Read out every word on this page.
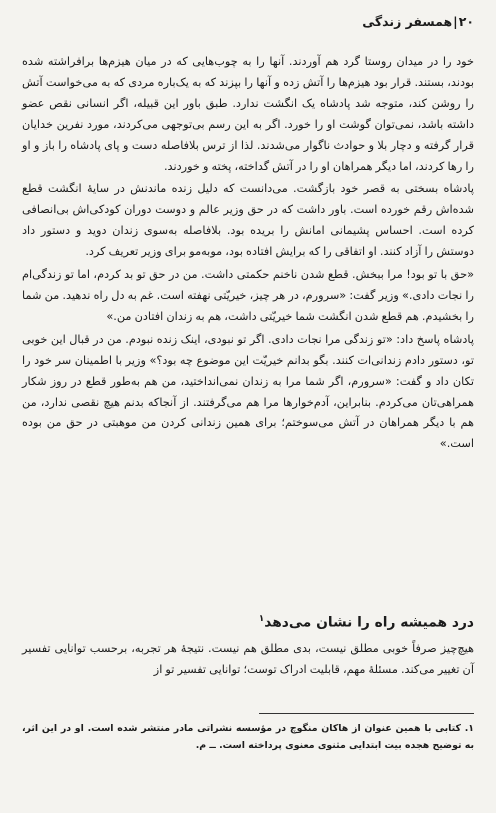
۲۰|همسفر زندگی

خود را در میدان روستا گرد هم آوردند. آنها را به چوب‌هایی که در میان هیزم‌ها برافراشته شده بودند، بستند. قرار بود هیزم‌ها را آتش زده و آنها را بپزند که به یک‌باره مردی که به می‌خواست آتش را روشن کند، متوجه شد پادشاه یک انگشت ندارد. طبق باور این قبیله، اگر انسانی نقص عضو داشته باشد، نمی‌توان گوشت او را خورد. اگر به این رسم بی‌توجهی می‌کردند، مورد نفرین خدایان قرار گرفته و دچار بلا و حوادث ناگوار می‌شدند. لذا از ترس بلافاصله دست و پای پادشاه را باز و او را رها کردند، اما دیگر همراهان او را در آتش گداخته، پخته و خوردند.

پادشاه بسختی به قصر خود بازگشت. می‌دانست که دلیل زنده ماندنش در سایهٔ انگشت قطع شده‌اش رقم خورده است. باور داشت که در حق وزیر عالم و دوست دوران کودکی‌اش بی‌انصافی کرده است. احساس پشیمانی امانش را بریده بود. بلافاصله به‌سوی زندان دوید و دستور داد دوستش را آزاد کنند. او اتفاقی را که برایش افتاده بود، موبه‌مو برای وزیر تعریف کرد.

«حق با تو بود! مرا ببخش. قطع شدن ناخنم حکمتی داشت. من در حق تو بد کردم، اما تو زندگی‌ام را نجات دادی.» وزیر گفت: «سرورم، در هر چیز، خیریّتی نهفته است. غم به دل راه ندهید. من شما را بخشیدم. هم قطع شدن انگشت شما خیریّتی داشت، هم به زندان افتادن من.»

پادشاه پاسخ داد: «تو زندگی مرا نجات دادی. اگر تو نبودی، اینک زنده نبودم. من در قبال این خوبی تو، دستور دادم زندانی‌ات کنند. بگو بدانم خیریّت این موضوع چه بود؟» وزیر با اطمینان سر خود را تکان داد و گفت: «سرورم، اگر شما مرا به زندان نمی‌انداختید، من هم به‌طور قطع در روز شکار همراهی‌تان می‌کردم. بنابراین، آدم‌خوارها مرا هم می‌گرفتند. از آنجاکه بدنم هیچ نقصی ندارد، من هم با دیگر همراهان در آتش می‌سوختم؛ برای همین زندانی کردن من موهبتی در حق من بوده است.»

درد همیشه راه را نشان می‌دهد$^۱$

هیچ‌چیز صرفاً خوبی مطلق نیست، بدی مطلق هم نیست. نتیجهٔ هر تجربه، برحسب توانایی تفسیر آن تغییر می‌کند. مسئلهٔ مهم، قابلیت ادراک توست؛ توانایی تفسیر تو از

۱. کتابی با همین عنوان از هاکان منگوچ در مؤسسه نشراتی مادر منتشر شده است. او در این اثر، به توضیح هجده بیت ابتدایی مثنوی معنوی پرداخته است. ــ م.
